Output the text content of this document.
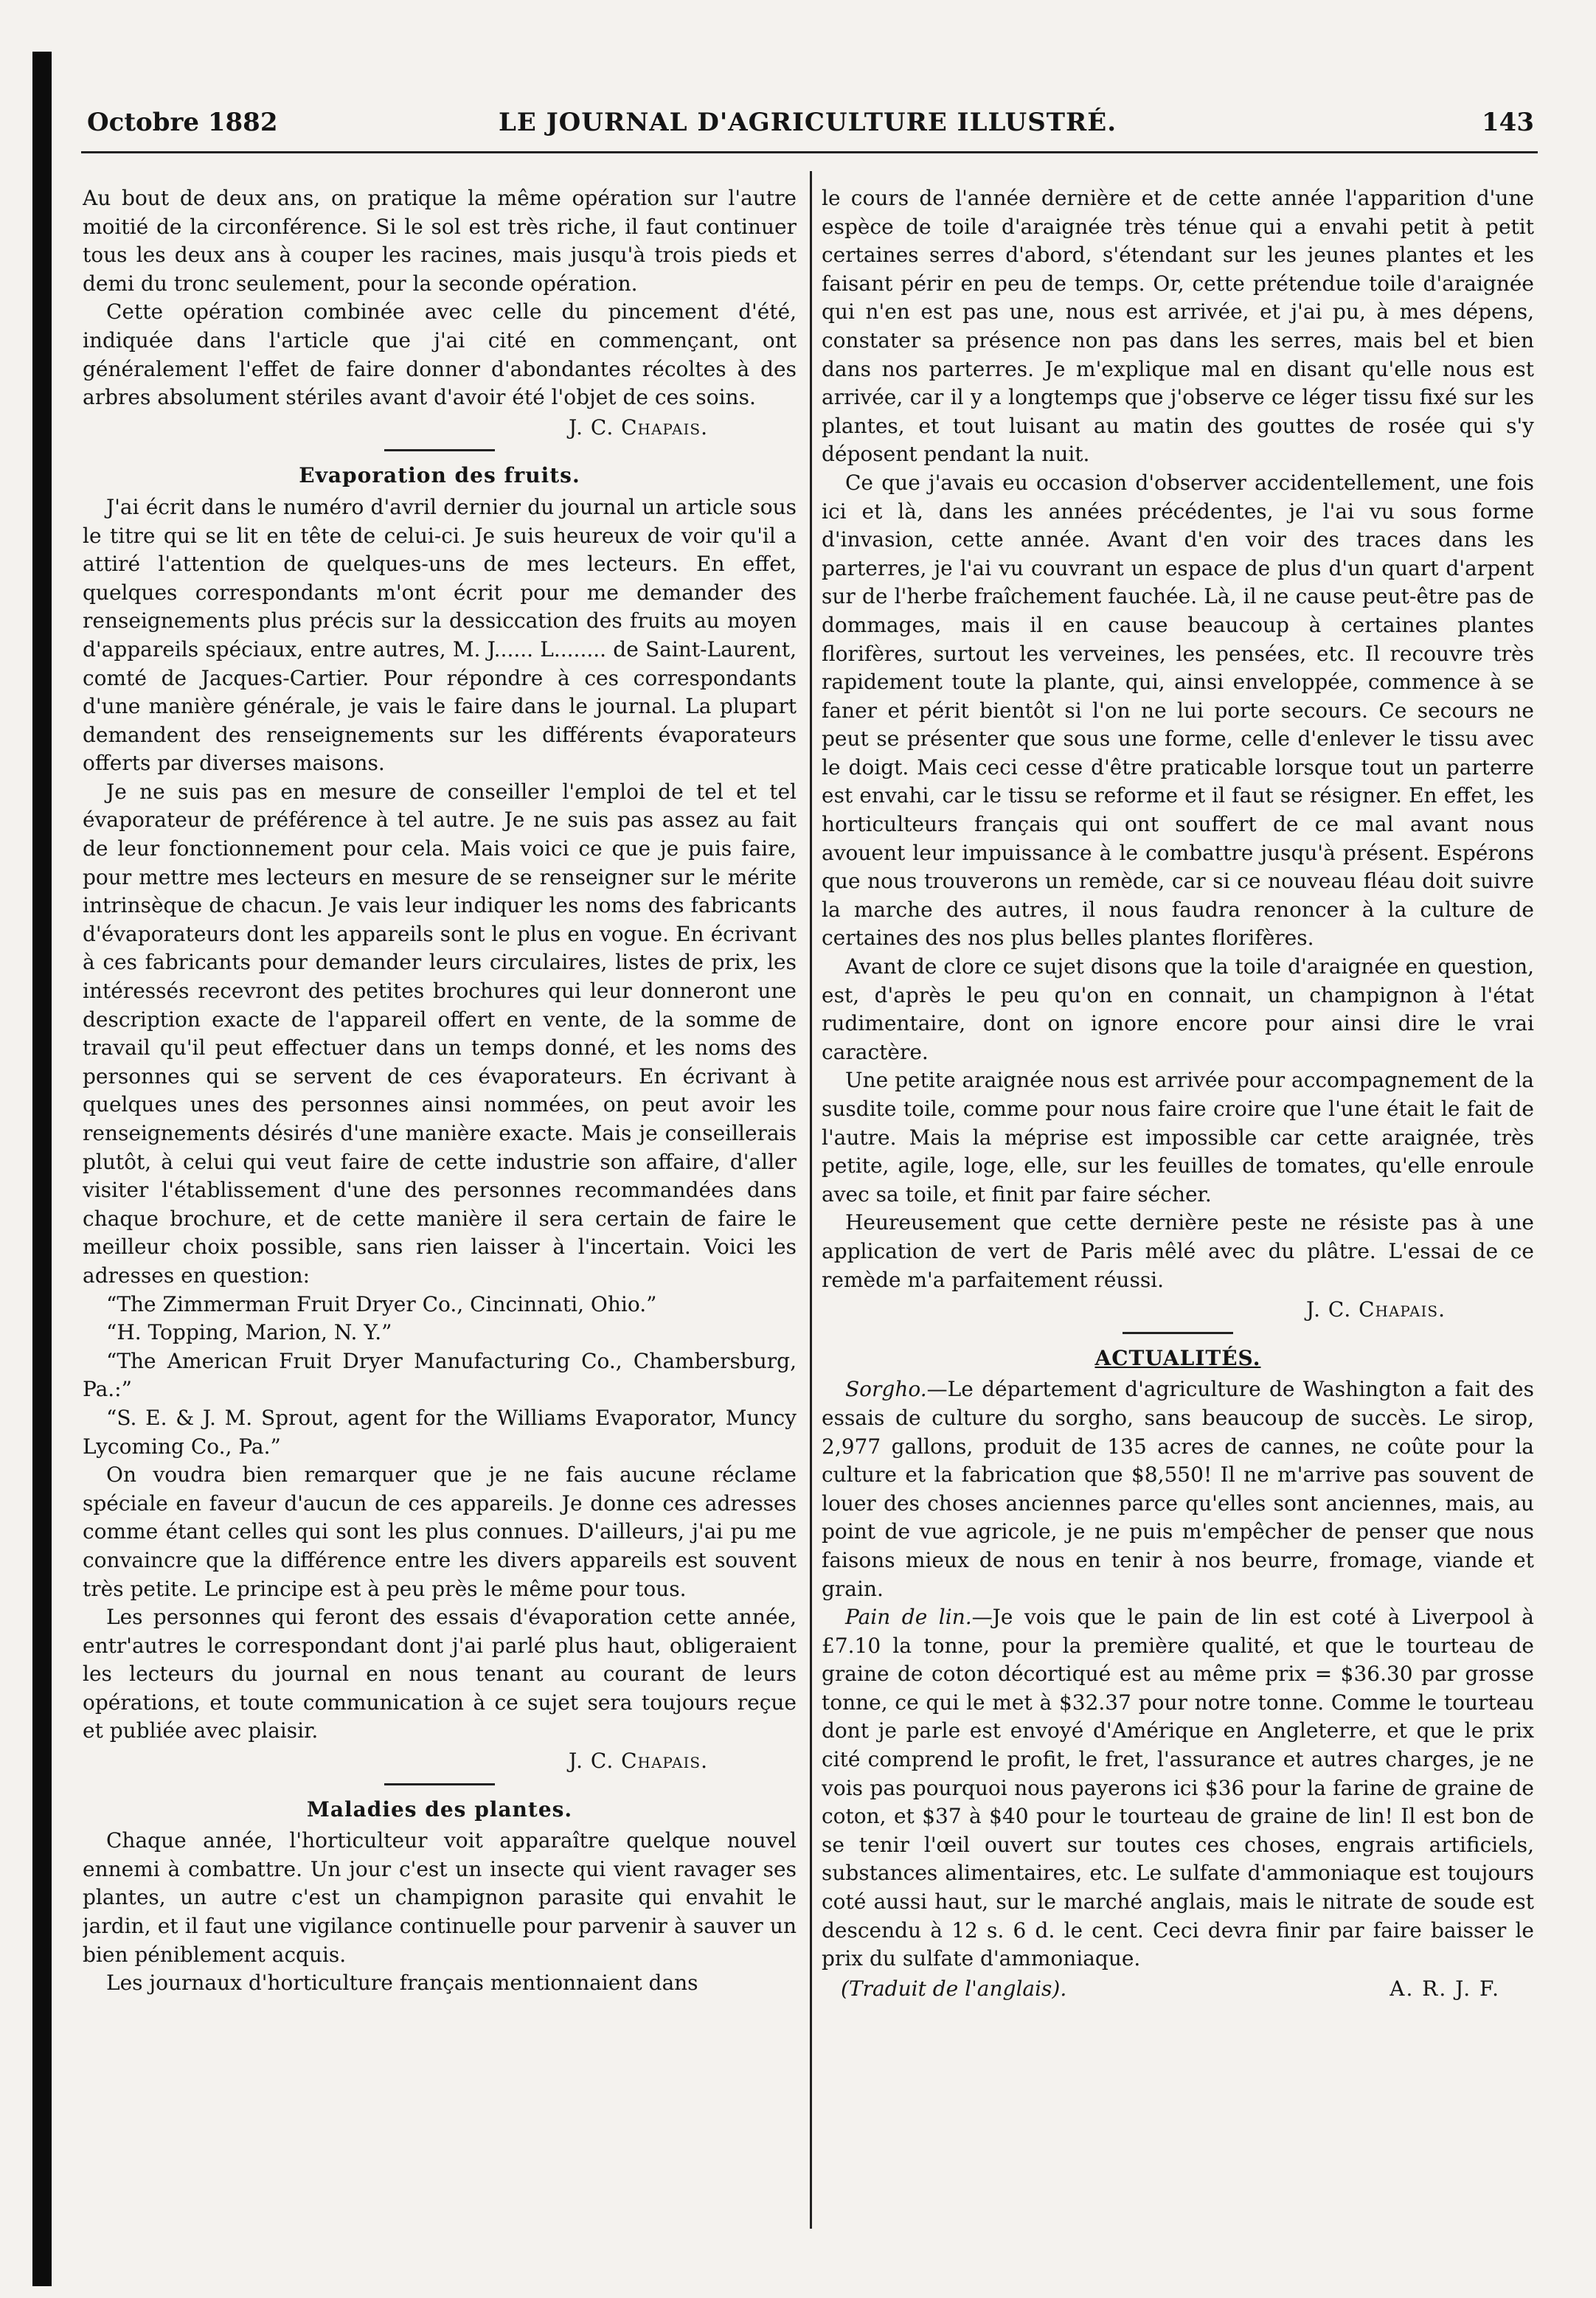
Octobre 1882	LE JOURNAL D'AGRICULTURE ILLUSTRÉ.	143

Au bout de deux ans, on pratique la même opération sur l'autre moitié de la circonférence. Si le sol est très riche, il faut continuer tous les deux ans à couper les racines, mais jusqu'à trois pieds et demi du tronc seulement, pour la seconde opération.

Cette opération combinée avec celle du pincement d'été, indiquée dans l'article que j'ai cité en commençant, ont généralement l'effet de faire donner d'abondantes récoltes à des arbres absolument stériles avant d'avoir été l'objet de ces soins.

J. C. Chapais.
Evaporation des fruits.

J'ai écrit dans le numéro d'avril dernier du journal un article sous le titre qui se lit en tête de celui-ci. Je suis heureux de voir qu'il a attiré l'attention de quelques-uns de mes lecteurs. En effet, quelques correspondants m'ont écrit pour me demander des renseignements plus précis sur la dessiccation des fruits au moyen d'appareils spéciaux, entre autres, M. J...... L........ de Saint-Laurent, comté de Jacques-Cartier. Pour répondre à ces correspondants d'une manière générale, je vais le faire dans le journal. La plupart demandent des renseignements sur les différents évaporateurs offerts par diverses maisons.

Je ne suis pas en mesure de conseiller l'emploi de tel et tel évaporateur de préférence à tel autre. Je ne suis pas assez au fait de leur fonctionnement pour cela. Mais voici ce que je puis faire, pour mettre mes lecteurs en mesure de se renseigner sur le mérite intrinsèque de chacun. Je vais leur indiquer les noms des fabricants d'évaporateurs dont les appareils sont le plus en vogue. En écrivant à ces fabricants pour demander leurs circulaires, listes de prix, les intéressés recevront des petites brochures qui leur donneront une description exacte de l'appareil offert en vente, de la somme de travail qu'il peut effectuer dans un temps donné, et les noms des personnes qui se servent de ces évaporateurs. En écrivant à quelques unes des personnes ainsi nommées, on peut avoir les renseignements désirés d'une manière exacte. Mais je conseillerais plutôt, à celui qui veut faire de cette industrie son affaire, d'aller visiter l'établissement d'une des personnes recommandées dans chaque brochure, et de cette manière il sera certain de faire le meilleur choix possible, sans rien laisser à l'incertain. Voici les adresses en question:

“The Zimmerman Fruit Dryer Co., Cincinnati, Ohio.”

“H. Topping, Marion, N. Y.”

“The American Fruit Dryer Manufacturing Co., Chambersburg, Pa.:”

“S. E. & J. M. Sprout, agent for the Williams Evaporator, Muncy Lycoming Co., Pa.”

On voudra bien remarquer que je ne fais aucune réclame spéciale en faveur d'aucun de ces appareils. Je donne ces adresses comme étant celles qui sont les plus connues. D'ailleurs, j'ai pu me convaincre que la différence entre les divers appareils est souvent très petite. Le principe est à peu près le même pour tous.

Les personnes qui feront des essais d'évaporation cette année, entr'autres le correspondant dont j'ai parlé plus haut, obligeraient les lecteurs du journal en nous tenant au courant de leurs opérations, et toute communication à ce sujet sera toujours reçue et publiée avec plaisir.

J. C. Chapais.
Maladies des plantes.

Chaque année, l'horticulteur voit apparaître quelque nouvel ennemi à combattre. Un jour c'est un insecte qui vient ravager ses plantes, un autre c'est un champignon parasite qui envahit le jardin, et il faut une vigilance continuelle pour parvenir à sauver un bien péniblement acquis.

Les journaux d'horticulture français mentionnaient dans

le cours de l'année dernière et de cette année l'apparition d'une espèce de toile d'araignée très ténue qui a envahi petit à petit certaines serres d'abord, s'étendant sur les jeunes plantes et les faisant périr en peu de temps. Or, cette prétendue toile d'araignée qui n'en est pas une, nous est arrivée, et j'ai pu, à mes dépens, constater sa présence non pas dans les serres, mais bel et bien dans nos parterres. Je m'explique mal en disant qu'elle nous est arrivée, car il y a longtemps que j'observe ce léger tissu fixé sur les plantes, et tout luisant au matin des gouttes de rosée qui s'y déposent pendant la nuit.

Ce que j'avais eu occasion d'observer accidentellement, une fois ici et là, dans les années précédentes, je l'ai vu sous forme d'invasion, cette année. Avant d'en voir des traces dans les parterres, je l'ai vu couvrant un espace de plus d'un quart d'arpent sur de l'herbe fraîchement fauchée. Là, il ne cause peut-être pas de dommages, mais il en cause beaucoup à certaines plantes florifères, surtout les verveines, les pensées, etc. Il recouvre très rapidement toute la plante, qui, ainsi enveloppée, commence à se faner et périt bientôt si l'on ne lui porte secours. Ce secours ne peut se présenter que sous une forme, celle d'enlever le tissu avec le doigt. Mais ceci cesse d'être praticable lorsque tout un parterre est envahi, car le tissu se reforme et il faut se résigner. En effet, les horticulteurs français qui ont souffert de ce mal avant nous avouent leur impuissance à le combattre jusqu'à présent. Espérons que nous trouverons un remède, car si ce nouveau fléau doit suivre la marche des autres, il nous faudra renoncer à la culture de certaines des nos plus belles plantes florifères.

Avant de clore ce sujet disons que la toile d'araignée en question, est, d'après le peu qu'on en connait, un champignon à l'état rudimentaire, dont on ignore encore pour ainsi dire le vrai caractère.

Une petite araignée nous est arrivée pour accompagnement de la susdite toile, comme pour nous faire croire que l'une était le fait de l'autre. Mais la méprise est impossible car cette araignée, très petite, agile, loge, elle, sur les feuilles de tomates, qu'elle enroule avec sa toile, et finit par faire sécher.

Heureusement que cette dernière peste ne résiste pas à une application de vert de Paris mêlé avec du plâtre. L'essai de ce remède m'a parfaitement réussi.

J. C. Chapais.
ACTUALITÉS.

Sorgho.—Le département d'agriculture de Washington a fait des essais de culture du sorgho, sans beaucoup de succès. Le sirop, 2,977 gallons, produit de 135 acres de cannes, ne coûte pour la culture et la fabrication que $8,550! Il ne m'arrive pas souvent de louer des choses anciennes parce qu'elles sont anciennes, mais, au point de vue agricole, je ne puis m'empêcher de penser que nous faisons mieux de nous en tenir à nos beurre, fromage, viande et grain.

Pain de lin.—Je vois que le pain de lin est coté à Liverpool à £7.10 la tonne, pour la première qualité, et que le tourteau de graine de coton décortiqué est au même prix = $36.30 par grosse tonne, ce qui le met à $32.37 pour notre tonne. Comme le tourteau dont je parle est envoyé d'Amérique en Angleterre, et que le prix cité comprend le profit, le fret, l'assurance et autres charges, je ne vois pas pourquoi nous payerons ici $36 pour la farine de graine de coton, et $37 à $40 pour le tourteau de graine de lin! Il est bon de se tenir l'œil ouvert sur toutes ces choses, engrais artificiels, substances alimentaires, etc. Le sulfate d'ammoniaque est toujours coté aussi haut, sur le marché anglais, mais le nitrate de soude est descendu à 12 s. 6 d. le cent. Ceci devra finir par faire baisser le prix du sulfate d'ammoniaque.

(Traduit de l'anglais).	A. R. J. F.
